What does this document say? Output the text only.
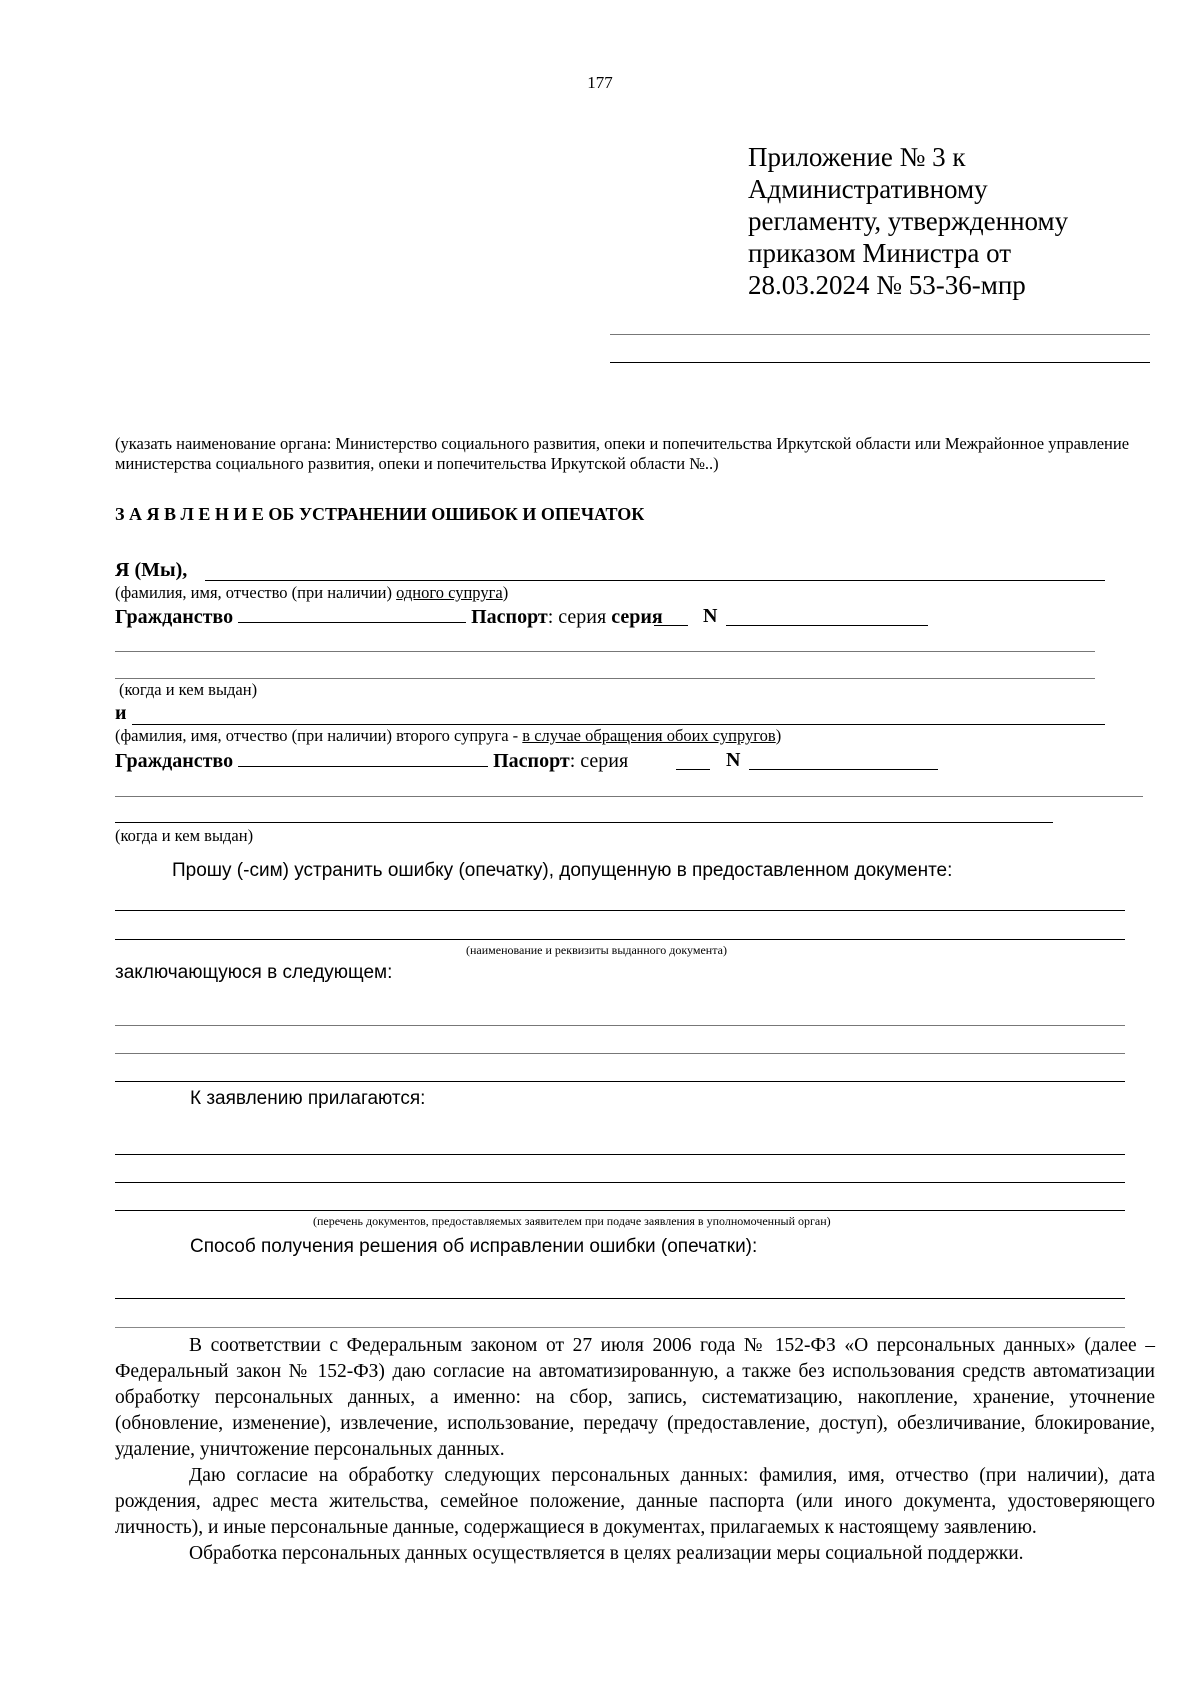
177
Приложение № 3 к
Административному
регламенту, утвержденному
приказом Министра от
28.03.2024 № 53-36-мпр
(указать наименование органа: Министерство социального развития, опеки и попечительства Иркутской области или Межрайонное управление министерства социального развития, опеки и попечительства Иркутской области №..)
З А Я В Л Е Н И Е ОБ УСТРАНЕНИИ ОШИБОК И ОПЕЧАТОК
Я (Мы),
(фамилия, имя, отчество (при наличии) одного супруга)
Гражданство	Паспорт: серия серия N
(когда и кем выдан)
и
(фамилия, имя, отчество (при наличии) второго супруга - в случае обращения обоих супругов)
Гражданство	Паспорт: серия	N
(когда и кем выдан)
Прошу (-сим) устранить ошибку (опечатку), допущенную в предоставленном документе:
(наименование и реквизиты выданного документа)
заключающуюся в следующем:
К заявлению прилагаются:
(перечень документов, предоставляемых заявителем при подаче заявления в уполномоченный орган)
Способ получения решения об исправлении ошибки (опечатки):

В соответствии с Федеральным законом от 27 июля 2006 года № 152-ФЗ «О персональных данных» (далее – Федеральный закон № 152-ФЗ) даю согласие на автоматизированную, а также без использования средств автоматизации обработку персональных данных, а именно: на сбор, запись, систематизацию, накопление, хранение, уточнение (обновление, изменение), извлечение, использование, передачу (предоставление, доступ), обезличивание, блокирование, удаление, уничтожение персональных данных.

Даю согласие на обработку следующих персональных данных: фамилия, имя, отчество (при наличии), дата рождения, адрес места жительства, семейное положение, данные паспорта (или иного документа, удостоверяющего личность), и иные персональные данные, содержащиеся в документах, прилагаемых к настоящему заявлению.

Обработка персональных данных осуществляется в целях реализации меры социальной поддержки.
